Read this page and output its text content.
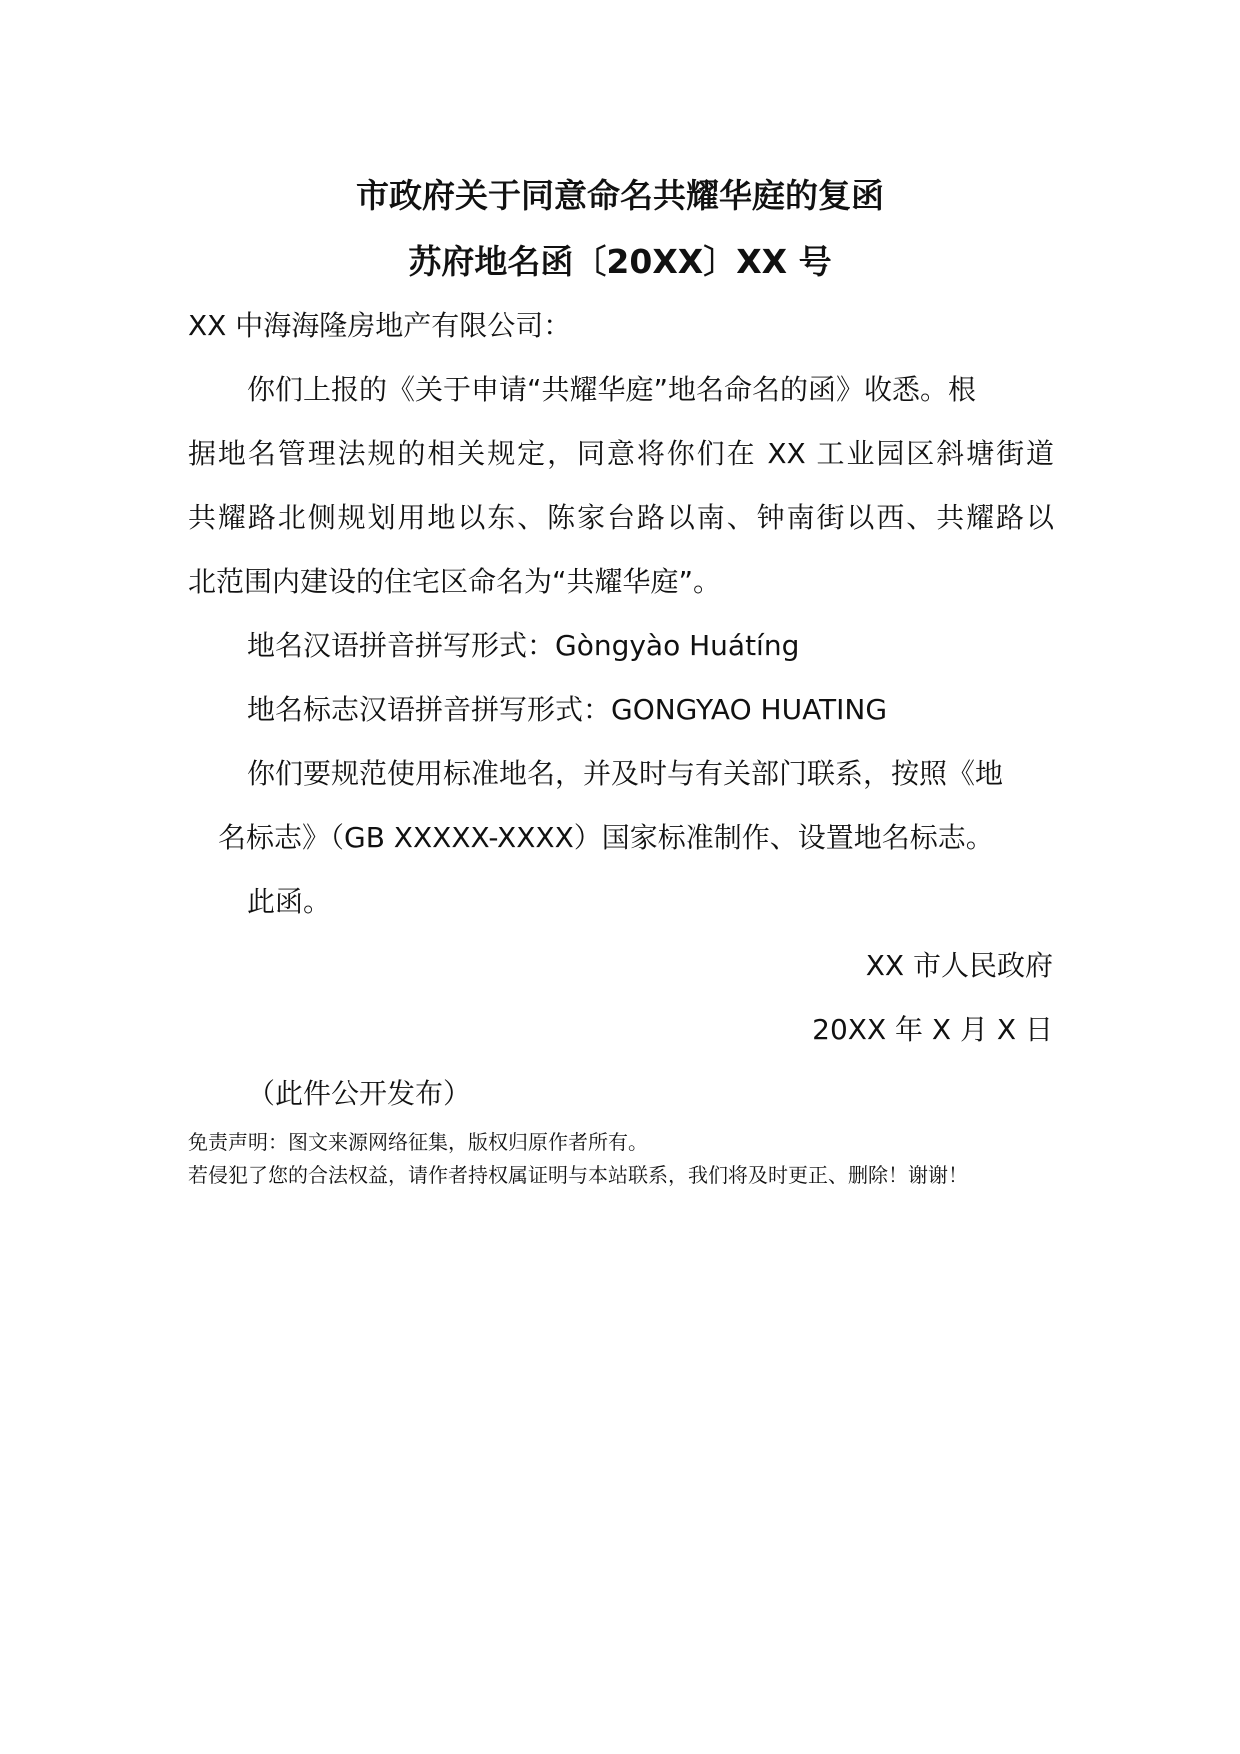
市政府关于同意命名共耀华庭的复函
苏府地名函〔20XX〕XX 号
XX 中海海隆房地产有限公司：
你们上报的《关于申请“共耀华庭”地名命名的函》收悉。根
据地名管理法规的相关规定，同意将你们在 XX 工业园区斜塘街道
共耀路北侧规划用地以东、陈家台路以南、钟南街以西、共耀路以
北范围内建设的住宅区命名为“共耀华庭”。
地名汉语拼音拼写形式：Gòngyào Huátíng
地名标志汉语拼音拼写形式：GONGYAO HUATING
你们要规范使用标准地名，并及时与有关部门联系，按照《地
名标志》（GB XXXXX-XXXX）国家标准制作、设置地名标志。
此函。
XX 市人民政府
20XX 年 X 月 X 日
（此件公开发布）
免责声明：图文来源网络征集，版权归原作者所有。
若侵犯了您的合法权益，请作者持权属证明与本站联系，我们将及时更正、删除！谢谢！
